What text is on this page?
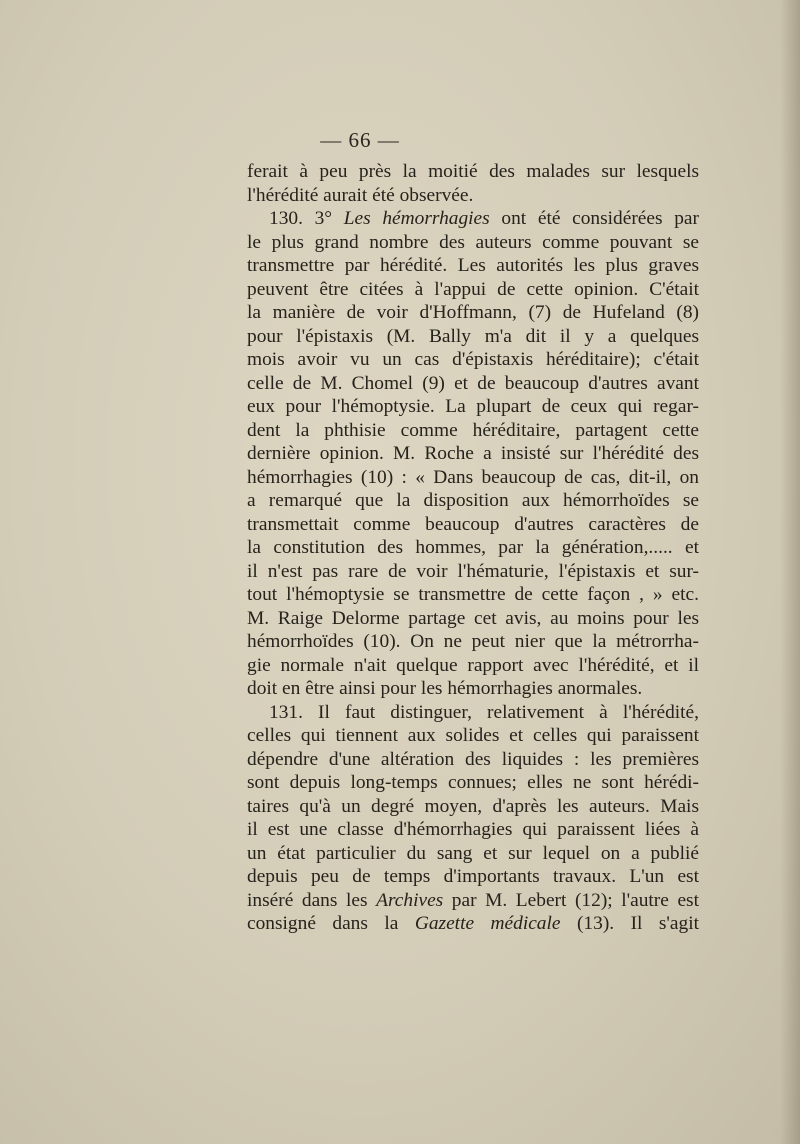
— 66 —
ferait à peu près la moitié des malades sur lesquels
l'hérédité aurait été observée.
130. 3° Les hémorrhagies ont été considérées par
le plus grand nombre des auteurs comme pouvant se
transmettre par hérédité. Les autorités les plus graves
peuvent être citées à l'appui de cette opinion. C'était
la manière de voir d'Hoffmann, (7) de Hufeland (8)
pour l'épistaxis (M. Bally m'a dit il y a quelques
mois avoir vu un cas d'épistaxis héréditaire); c'était
celle de M. Chomel (9) et de beaucoup d'autres avant
eux pour l'hémoptysie. La plupart de ceux qui regar-
dent la phthisie comme héréditaire, partagent cette
dernière opinion. M. Roche a insisté sur l'hérédité des
hémorrhagies (10) : « Dans beaucoup de cas, dit-il, on
a remarqué que la disposition aux hémorrhoïdes se
transmettait comme beaucoup d'autres caractères de
la constitution des hommes, par la génération,..... et
il n'est pas rare de voir l'hématurie, l'épistaxis et sur-
tout l'hémoptysie se transmettre de cette façon , » etc.
M. Raige Delorme partage cet avis, au moins pour les
hémorrhoïdes (10). On ne peut nier que la métrorrha-
gie normale n'ait quelque rapport avec l'hérédité, et il
doit en être ainsi pour les hémorrhagies anormales.
131. Il faut distinguer, relativement à l'hérédité,
celles qui tiennent aux solides et celles qui paraissent
dépendre d'une altération des liquides : les premières
sont depuis long-temps connues; elles ne sont hérédi-
taires qu'à un degré moyen, d'après les auteurs. Mais
il est une classe d'hémorrhagies qui paraissent liées à
un état particulier du sang et sur lequel on a publié
depuis peu de temps d'importants travaux. L'un est
inséré dans les Archives par M. Lebert (12); l'autre est
consigné dans la Gazette médicale (13). Il s'agit
